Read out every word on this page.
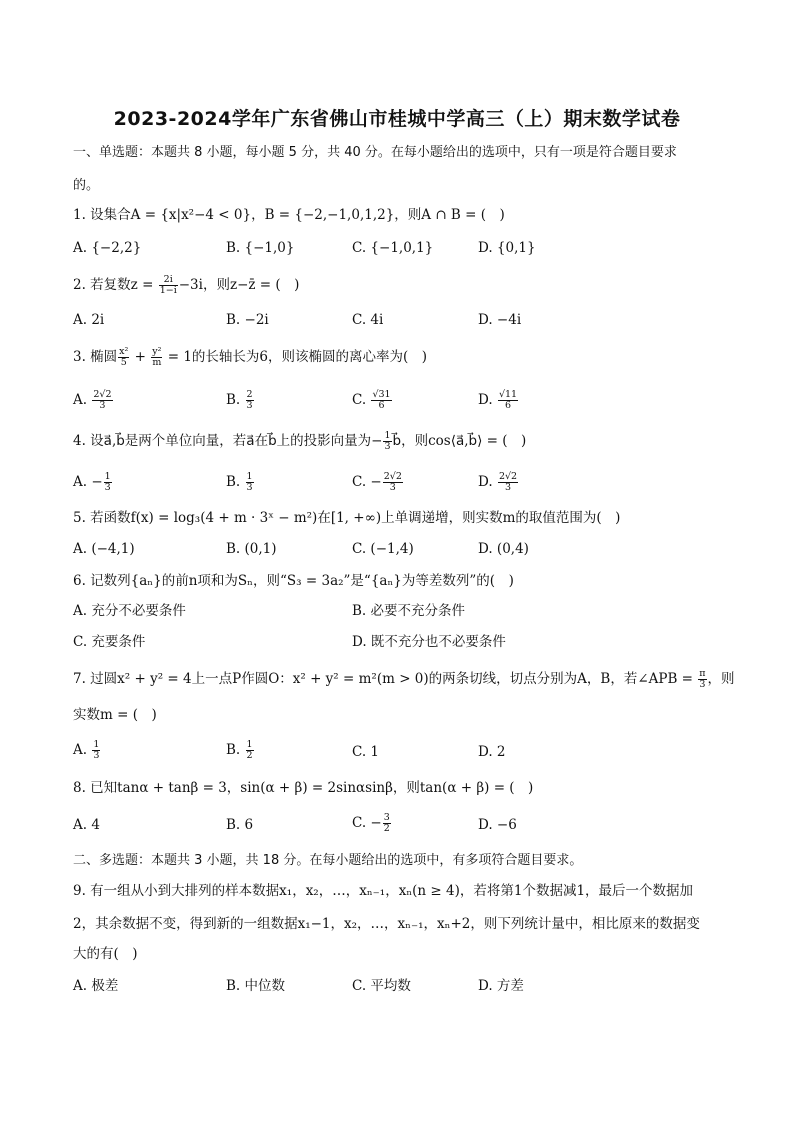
2023-2024学年广东省佛山市桂城中学高三（上）期末数学试卷
一、单选题：本题共 8 小题，每小题 5 分，共 40 分。在每小题给出的选项中，只有一项是符合题目要求
的。
1. 设集合A = {x|x²−4 < 0}，B = {−2,−1,0,1,2}，则A ∩ B = (　)
A. {−2,2}	B. {−1,0}	C. {−1,0,1}	D. {0,1}
2. 若复数$z = \frac{2i}{1-i} -3i$，则z−z̄ = (　)
A. 2i	B. −2i	C. 4i	D. −4i
3. 椭圆 $\frac{\text{x²}}{5} + \frac{\text{y²}}{m} = 1$的长轴长为6，则该椭圆的离心率为(　)
A. $\frac{2√2}{3}$	B. $\frac{2}{3}$	C. $\frac{√31}{6}$	D. $\frac{√11}{6}$
4. 设a⃗,b⃗是两个单位向量，若a⃗在b⃗上的投影向量为− $\frac{1}{3}$ b⃗，则cos⟨a⃗,b⃗⟩ = (　)
A. − $\frac{1}{3}$	B. $\frac{1}{3}$	C. − $\frac{2√2}{3}$	D. $\frac{2√2}{3}$
5. 若函数f(x) = log₃(4 + m · 3ˣ − m²)在[1, +∞)上单调递增，则实数m的取值范围为(　)
A. (−4,1)	B. (0,1)	C. (−1,4)	D. (0,4)
6. 记数列{aₙ}的前n项和为Sₙ，则“S₃ = 3a₂”是“{aₙ}为等差数列”的(　)
A. 充分不必要条件	B. 必要不充分条件
C. 充要条件	D. 既不充分也不必要条件
7. 过圆x² + y² = 4上一点P作圆O：x² + y² = m²(m > 0)的两条切线，切点分别为A，B，若∠APB = $\frac{\pi}{3}$ ，则
实数m = (　)
A. $\frac{1}{3}$	B. $\frac{1}{2}$	C. 1	D. 2
8. 已知tanα + tanβ = 3，sin(α + β) = 2sinαsinβ，则tan(α + β) = (　)
A. 4	B. 6	C. − $\frac{3}{2}$	D. −6
二、多选题：本题共 3 小题，共 18 分。在每小题给出的选项中，有多项符合题目要求。
9. 有一组从小到大排列的样本数据x₁，x₂，…，xₙ₋₁，xₙ(n ≥ 4)，若将第1个数据减1，最后一个数据加
2，其余数据不变，得到新的一组数据x₁−1，x₂，…，xₙ₋₁，xₙ+2，则下列统计量中，相比原来的数据变
大的有(　)
A. 极差	B. 中位数	C. 平均数	D. 方差
